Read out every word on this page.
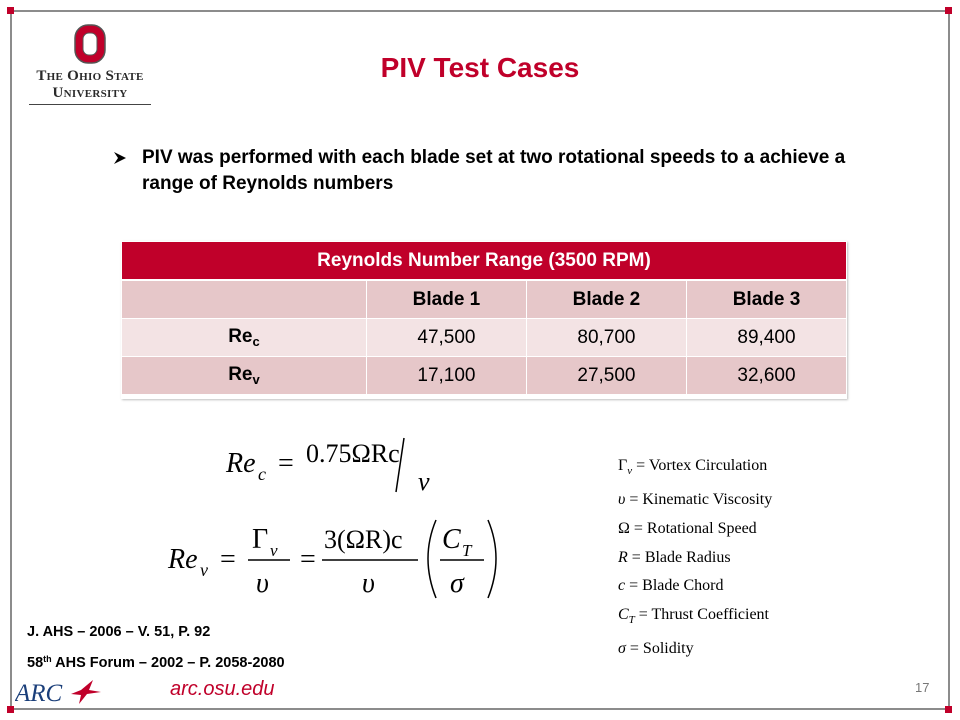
The Ohio State
University
PIV Test Cases
PIV was performed with each blade set at two rotational speeds to a achieve a range of Reynolds numbers
Reynolds Number Range (3500 RPM)			
	Blade 1	Blade 2	Blade 3
$Re_c$	47,500	80,700	89,400
$Re_v$	17,100	27,500	32,600
Re c = 0.75ΩRc
ν
Re v =
Γ v
υ
=
3(ΩR)c
υ
C T
σ
$\Gamma_v$ = Vortex Circulation
υ = Kinematic Viscosity
Ω = Rotational Speed
R = Blade Radius
c = Blade Chord
$C_T$ = Thrust Coefficient
σ = Solidity
J. AHS – 2006 – V. 51, P. 92
58th AHS Forum – 2002 – P. 2058-2080
ARC	arc.osu.edu	17
